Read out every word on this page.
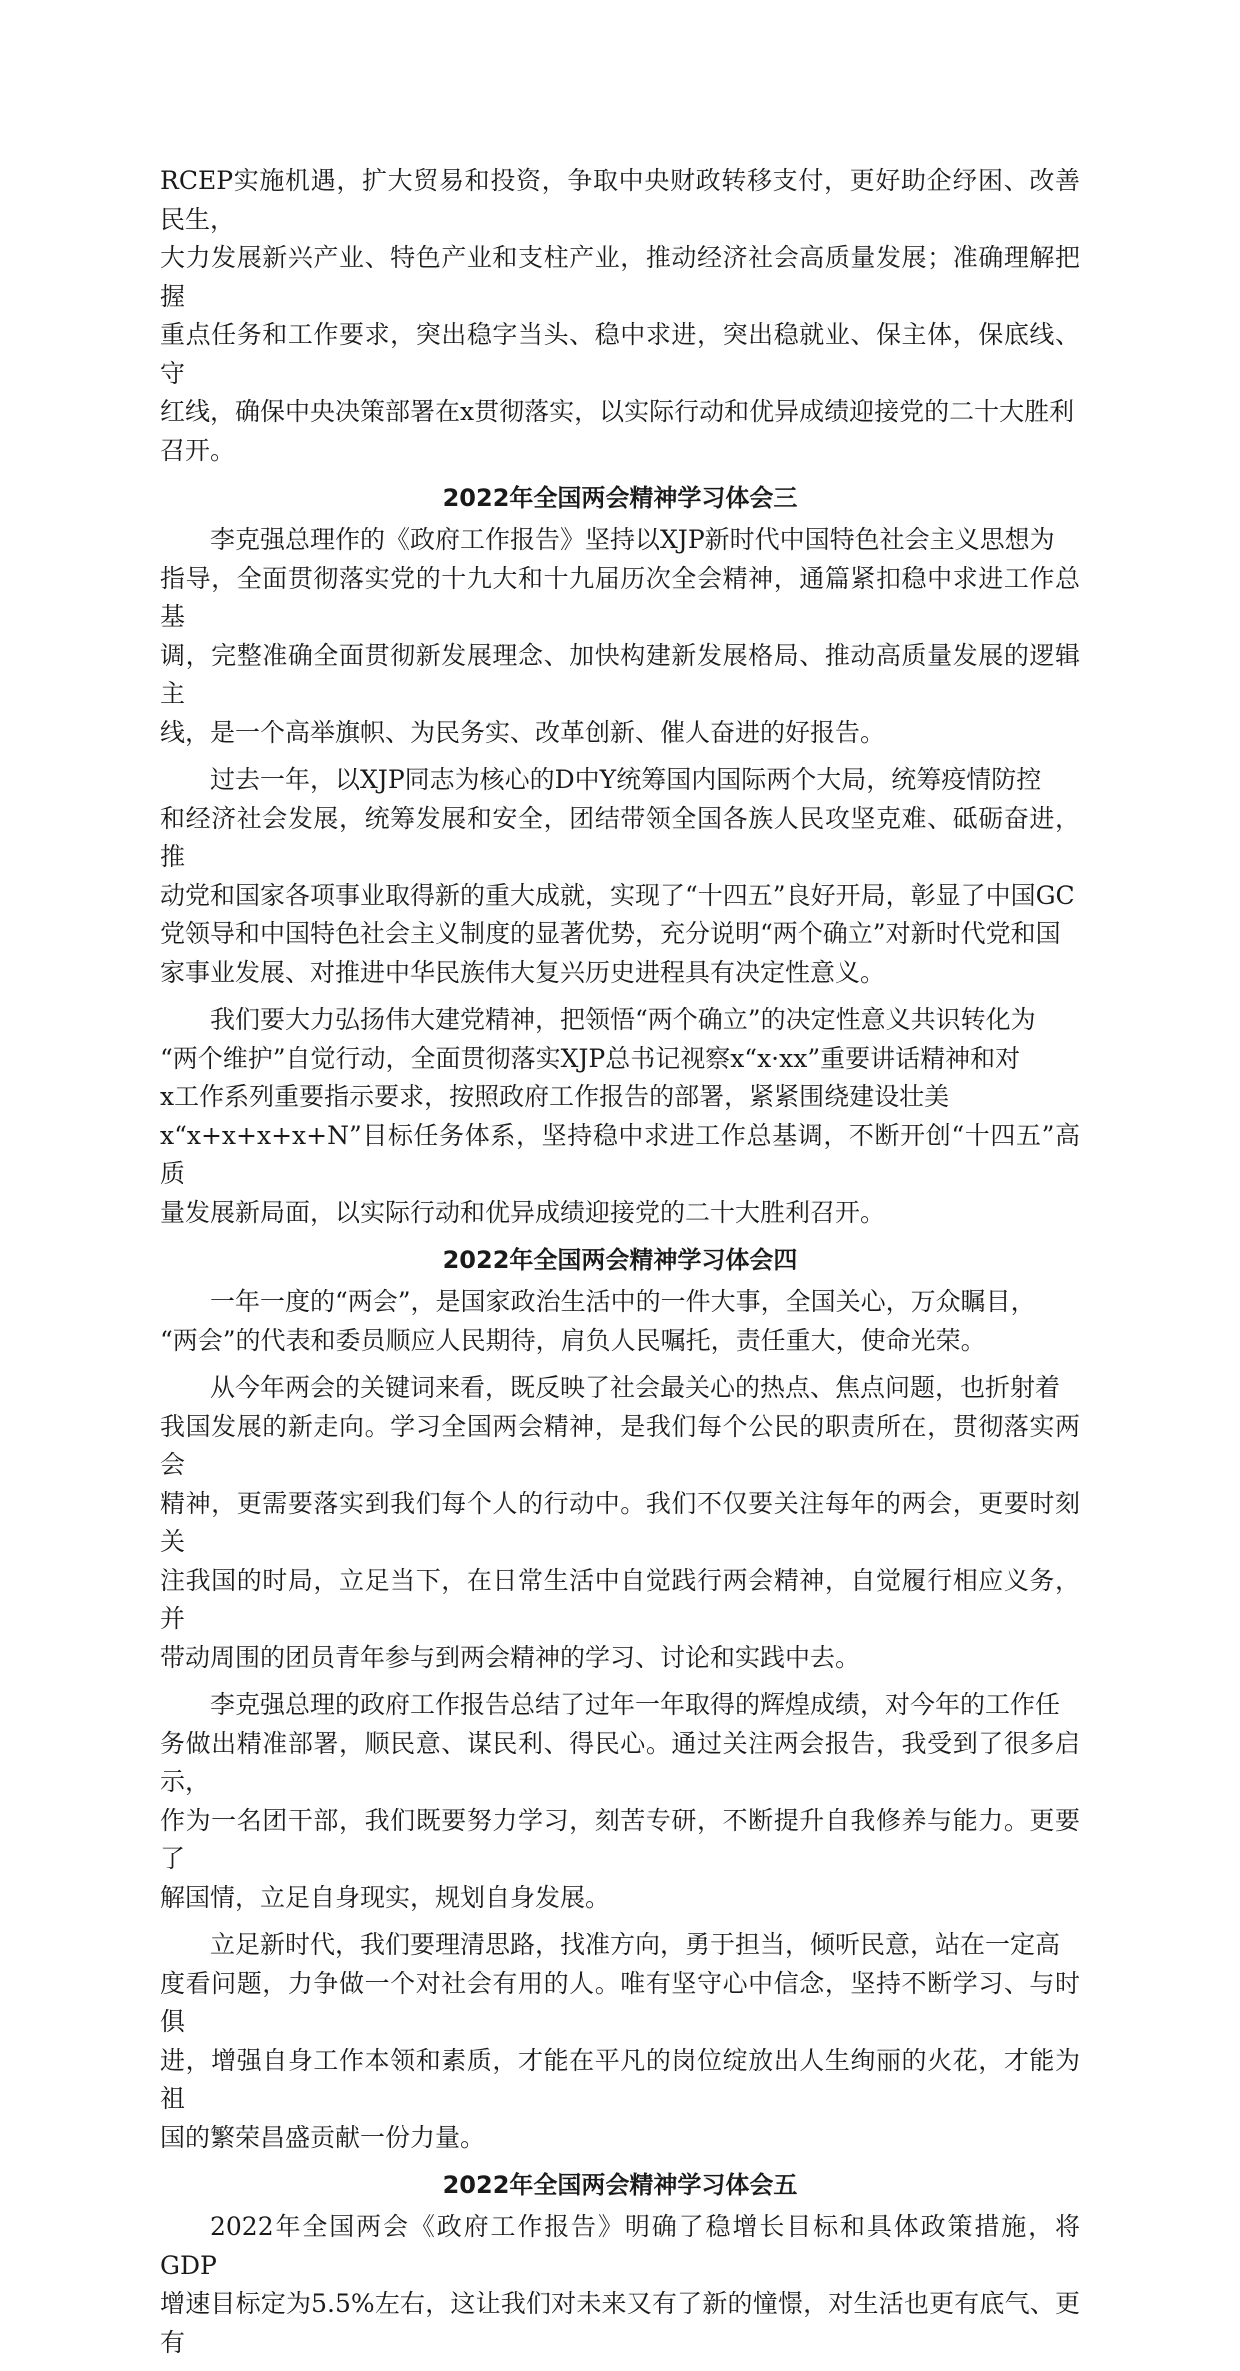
RCEP实施机遇，扩大贸易和投资，争取中央财政转移支付，更好助企纾困、改善民生，
大力发展新兴产业、特色产业和支柱产业，推动经济社会高质量发展；准确理解把握
重点任务和工作要求，突出稳字当头、稳中求进，突出稳就业、保主体，保底线、守
红线，确保中央决策部署在x贯彻落实，以实际行动和优异成绩迎接党的二十大胜利
召开。

2022年全国两会精神学习体会三

李克强总理作的《政府工作报告》坚持以XJP新时代中国特色社会主义思想为
指导，全面贯彻落实党的十九大和十九届历次全会精神，通篇紧扣稳中求进工作总基
调，完整准确全面贯彻新发展理念、加快构建新发展格局、推动高质量发展的逻辑主
线，是一个高举旗帜、为民务实、改革创新、催人奋进的好报告。

过去一年，以XJP同志为核心的D中Y统筹国内国际两个大局，统筹疫情防控
和经济社会发展，统筹发展和安全，团结带领全国各族人民攻坚克难、砥砺奋进，推
动党和国家各项事业取得新的重大成就，实现了“十四五”良好开局，彰显了中国GC
党领导和中国特色社会主义制度的显著优势，充分说明“两个确立”对新时代党和国
家事业发展、对推进中华民族伟大复兴历史进程具有决定性意义。

我们要大力弘扬伟大建党精神，把领悟“两个确立”的决定性意义共识转化为
“两个维护”自觉行动，全面贯彻落实XJP总书记视察x“x·xx”重要讲话精神和对
x工作系列重要指示要求，按照政府工作报告的部署，紧紧围绕建设壮美
x“x+x+x+x+N”目标任务体系，坚持稳中求进工作总基调，不断开创“十四五”高质
量发展新局面，以实际行动和优异成绩迎接党的二十大胜利召开。

2022年全国两会精神学习体会四

一年一度的“两会”，是国家政治生活中的一件大事，全国关心，万众瞩目，
“两会”的代表和委员顺应人民期待，肩负人民嘱托，责任重大，使命光荣。

从今年两会的关键词来看，既反映了社会最关心的热点、焦点问题，也折射着
我国发展的新走向。学习全国两会精神，是我们每个公民的职责所在，贯彻落实两会
精神，更需要落实到我们每个人的行动中。我们不仅要关注每年的两会，更要时刻关
注我国的时局，立足当下，在日常生活中自觉践行两会精神，自觉履行相应义务，并
带动周围的团员青年参与到两会精神的学习、讨论和实践中去。

李克强总理的政府工作报告总结了过年一年取得的辉煌成绩，对今年的工作任
务做出精准部署，顺民意、谋民利、得民心。通过关注两会报告，我受到了很多启示，
作为一名团干部，我们既要努力学习，刻苦专研，不断提升自我修养与能力。更要了
解国情，立足自身现实，规划自身发展。

立足新时代，我们要理清思路，找准方向，勇于担当，倾听民意，站在一定高
度看问题，力争做一个对社会有用的人。唯有坚守心中信念，坚持不断学习、与时俱
进，增强自身工作本领和素质，才能在平凡的岗位绽放出人生绚丽的火花，才能为祖
国的繁荣昌盛贡献一份力量。

2022年全国两会精神学习体会五

2022年全国两会《政府工作报告》明确了稳增长目标和具体政策措施，将GDP
增速目标定为5.5%左右，这让我们对未来又有了新的憧憬，对生活也更有底气、更有
